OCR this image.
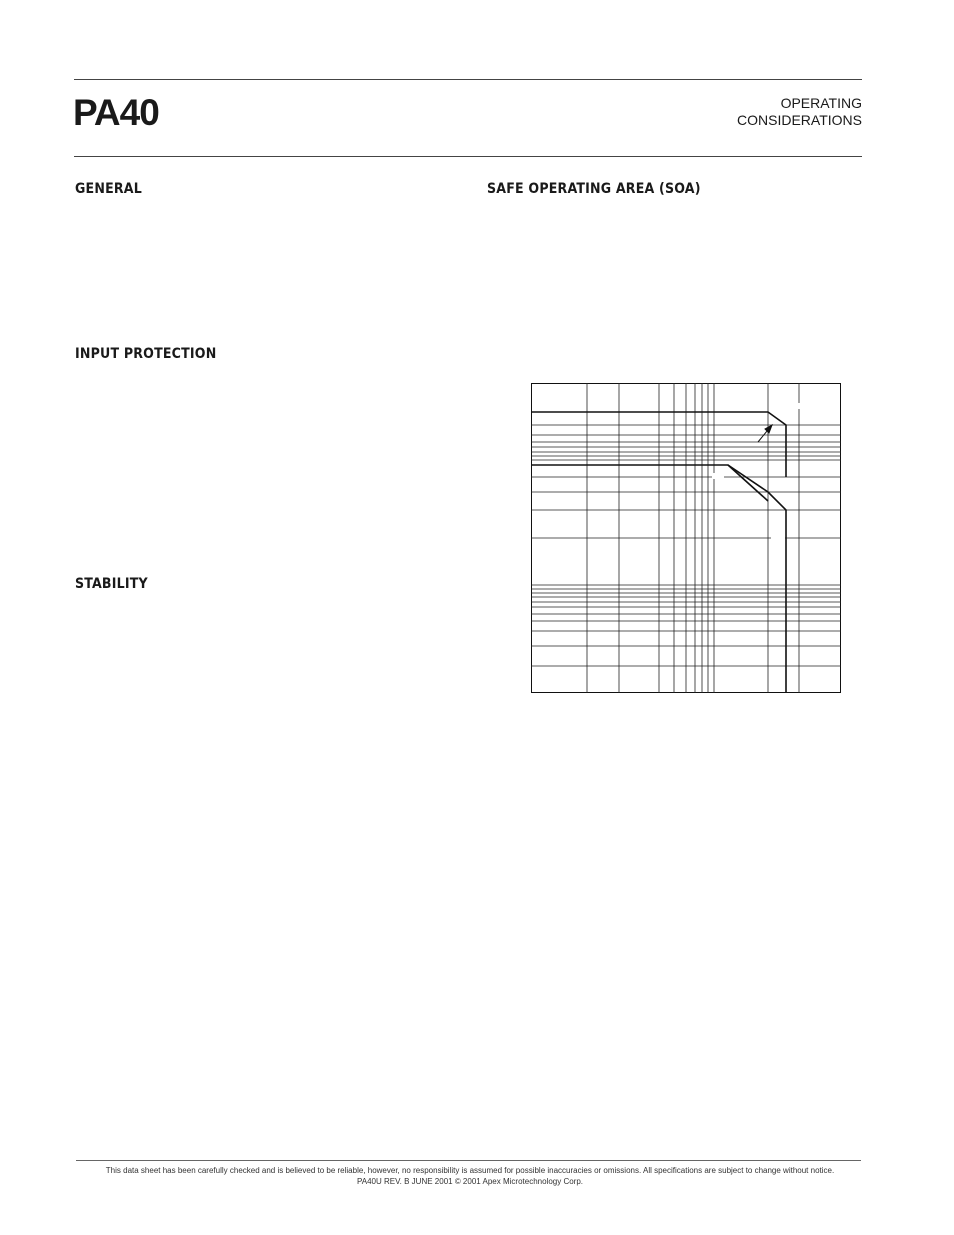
PA40	OPERATING
CONSIDERATIONS
GENERAL
INPUT PROTECTION
STABILITY
SAFE OPERATING AREA (SOA)
This data sheet has been carefully checked and is believed to be reliable, however, no responsibility is assumed for possible inaccuracies or omissions. All specifications are subject to change without notice.
PA40U REV. B JUNE 2001 © 2001 Apex Microtechnology Corp.
